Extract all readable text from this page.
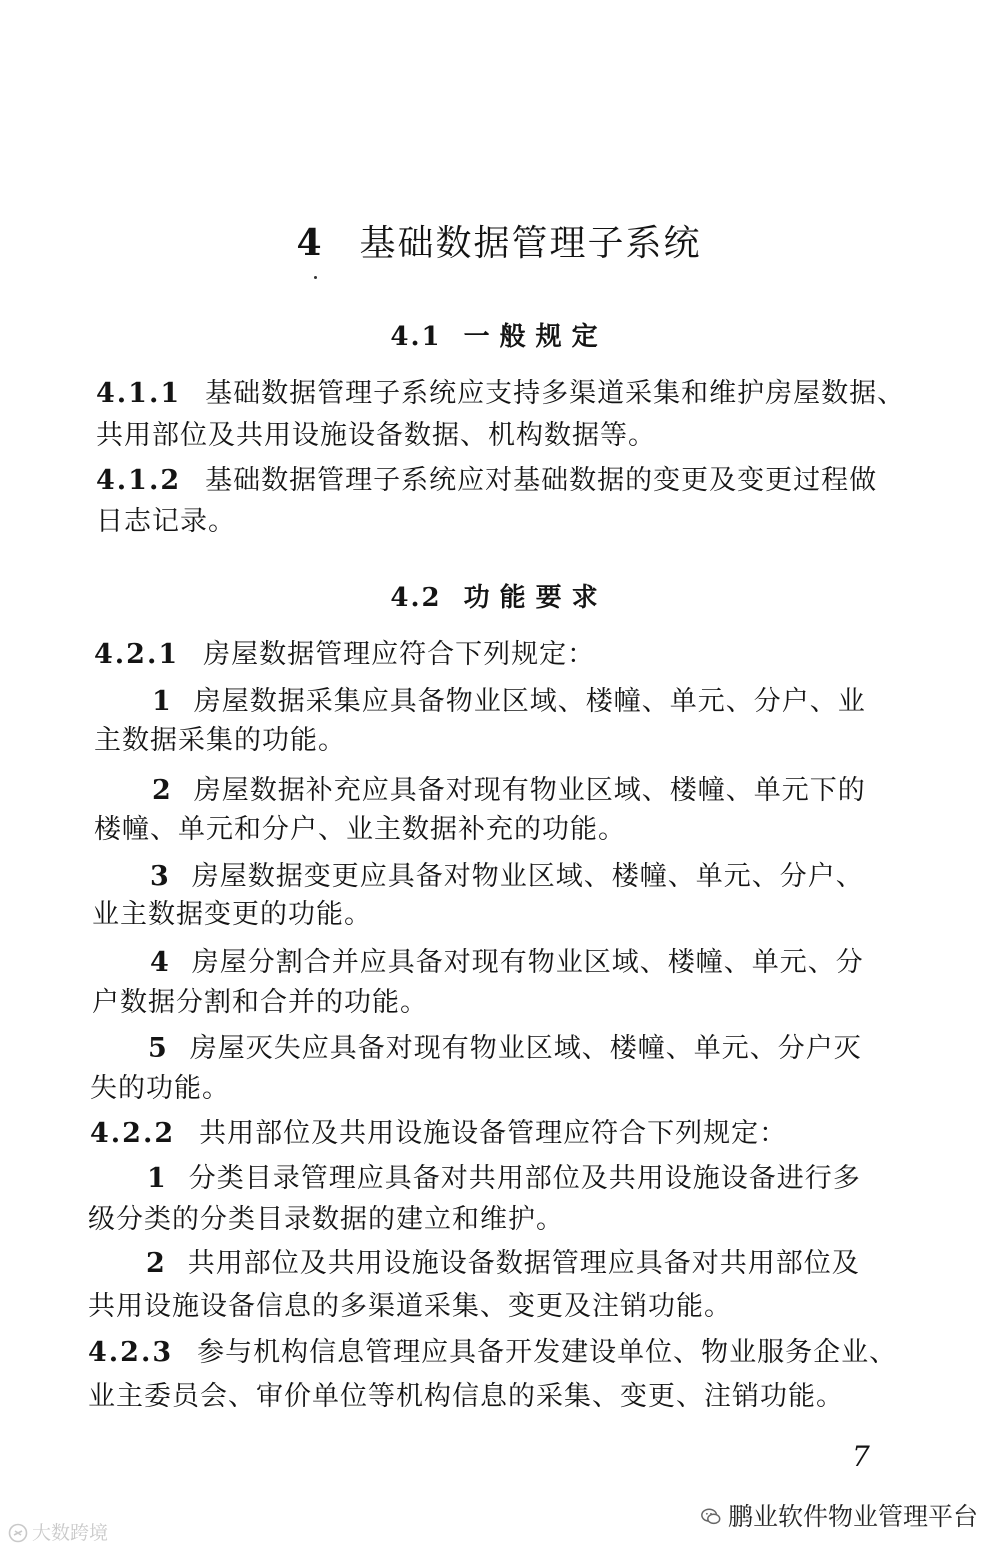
4 基础数据管理子系统
4.1 一般规定
4.2 功能要求
4.1.1 基础数据管理子系统应支持多渠道采集和维护房屋数据、
共用部位及共用设施设备数据、机构数据等。
4.1.2 基础数据管理子系统应对基础数据的变更及变更过程做
日志记录。
4.2.1 房屋数据管理应符合下列规定：
1 房屋数据采集应具备物业区域、楼幢、单元、分户、业
主数据采集的功能。
2 房屋数据补充应具备对现有物业区域、楼幢、单元下的
楼幢、单元和分户、业主数据补充的功能。
3 房屋数据变更应具备对物业区域、楼幢、单元、分户、
业主数据变更的功能。
4 房屋分割合并应具备对现有物业区域、楼幢、单元、分
户数据分割和合并的功能。
5 房屋灭失应具备对现有物业区域、楼幢、单元、分户灭
失的功能。
4.2.2 共用部位及共用设施设备管理应符合下列规定：
1 分类目录管理应具备对共用部位及共用设施设备进行多
级分类的分类目录数据的建立和维护。
2 共用部位及共用设施设备数据管理应具备对共用部位及
共用设施设备信息的多渠道采集、变更及注销功能。
4.2.3 参与机构信息管理应具备开发建设单位、物业服务企业、
业主委员会、审价单位等机构信息的采集、变更、注销功能。
7
鹏业软件物业管理平台
大数跨境
